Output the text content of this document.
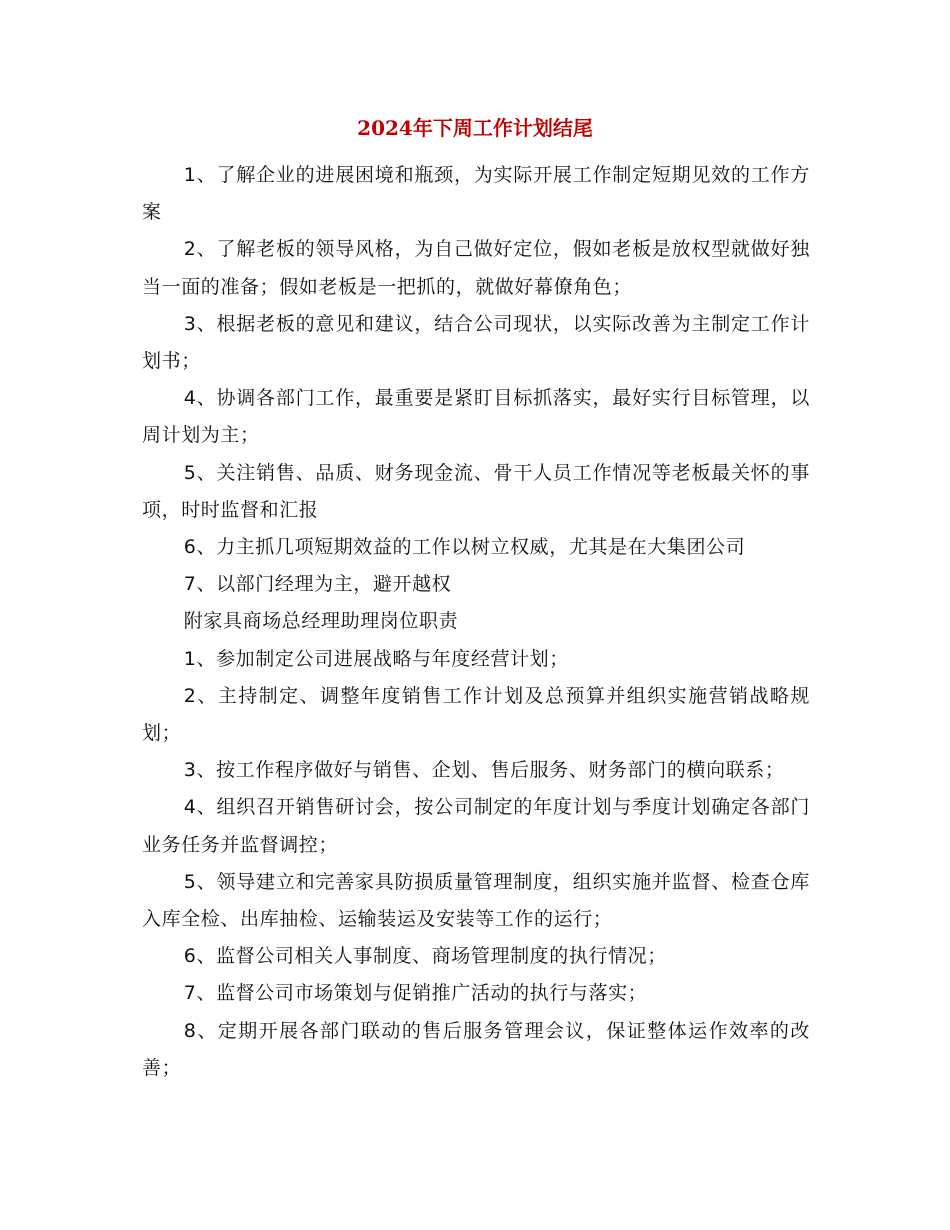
2024年下周工作计划结尾

1、了解企业的进展困境和瓶颈，为实际开展工作制定短期见效的工作方案

2、了解老板的领导风格，为自己做好定位，假如老板是放权型就做好独当一面的准备；假如老板是一把抓的，就做好幕僚角色；

3、根据老板的意见和建议，结合公司现状，以实际改善为主制定工作计划书；

4、协调各部门工作，最重要是紧盯目标抓落实，最好实行目标管理，以周计划为主；

5、关注销售、品质、财务现金流、骨干人员工作情况等老板最关怀的事项，时时监督和汇报

6、力主抓几项短期效益的工作以树立权威，尤其是在大集团公司

7、以部门经理为主，避开越权

附家具商场总经理助理岗位职责

1、参加制定公司进展战略与年度经营计划；

2、主持制定、调整年度销售工作计划及总预算并组织实施营销战略规划；

3、按工作程序做好与销售、企划、售后服务、财务部门的横向联系；

4、组织召开销售研讨会，按公司制定的年度计划与季度计划确定各部门业务任务并监督调控；

5、领导建立和完善家具防损质量管理制度，组织实施并监督、检查仓库入库全检、出库抽检、运输装运及安装等工作的运行；

6、监督公司相关人事制度、商场管理制度的执行情况；

7、监督公司市场策划与促销推广活动的执行与落实；

8、定期开展各部门联动的售后服务管理会议，保证整体运作效率的改善；
